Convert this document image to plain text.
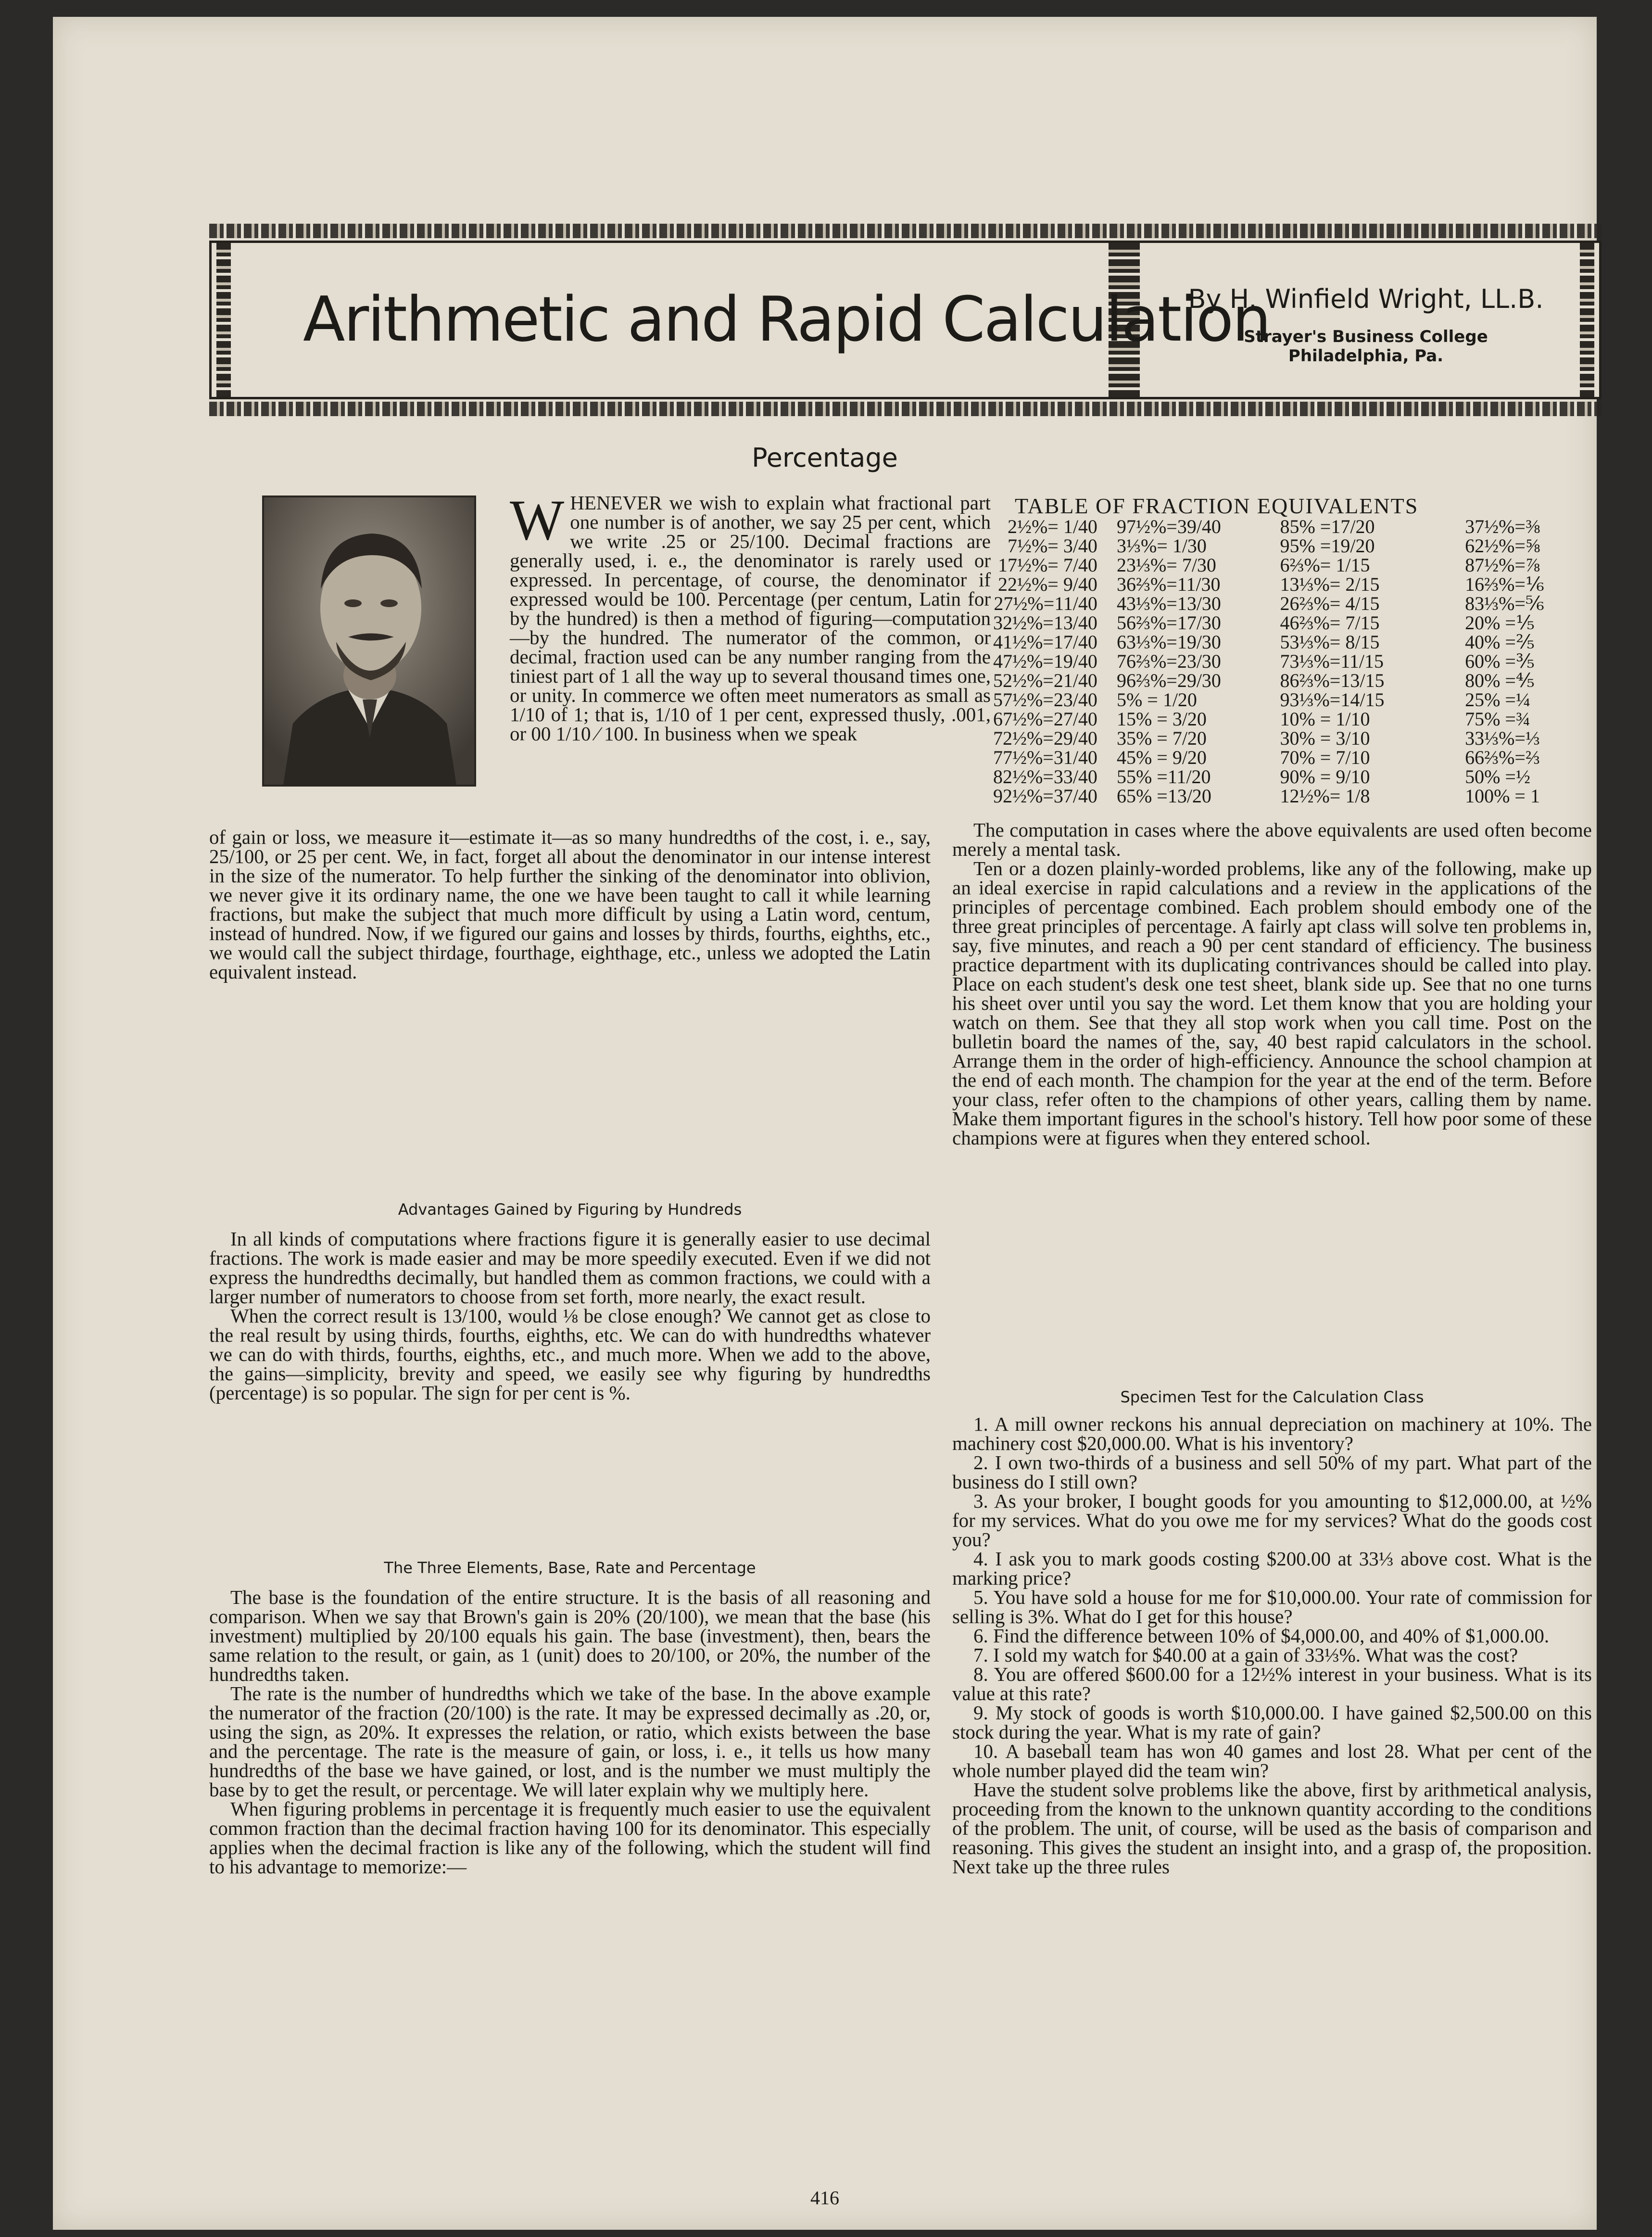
Arithmetic and Rapid Calculation
By H. Winfield Wright, LL.B.
Strayer's Business College
Philadelphia, Pa.
Percentage

WHENEVER we wish to explain what fractional part one number is of another, we say 25 per cent, which we write .25 or 25/100. Decimal fractions are generally used, i. e., the denominator is rarely used or expressed. In percentage, of course, the denominator if expressed would be 100. Percentage (per centum, Latin for by the hundred) is then a method of figuring—computation—by the hundred. The numerator of the common, or decimal, fraction used can be any number ranging from the tiniest part of 1 all the way up to several thousand times one, or unity. In commerce we often meet numerators as small as 1/10 of 1; that is, 1/10 of 1 per cent, expressed thusly, .001, or 00 1/10 ⁄ 100. In business when we speak

of gain or loss, we measure it—estimate it—as so many hundredths of the cost, i. e., say, 25/100, or 25 per cent. We, in fact, forget all about the denominator in our intense interest in the size of the numerator. To help further the sinking of the denominator into oblivion, we never give it its ordinary name, the one we have been taught to call it while learning fractions, but make the subject that much more difficult by using a Latin word, centum, instead of hundred. Now, if we figured our gains and losses by thirds, fourths, eighths, etc., we would call the subject thirdage, fourthage, eighthage, etc., unless we adopted the Latin equivalent instead.

Advantages Gained by Figuring by Hundreds

In all kinds of computations where fractions figure it is generally easier to use decimal fractions. The work is made easier and may be more speedily executed. Even if we did not express the hundredths decimally, but handled them as common fractions, we could with a larger number of numerators to choose from set forth, more nearly, the exact result.

When the correct result is 13/100, would ⅛ be close enough? We cannot get as close to the real result by using thirds, fourths, eighths, etc. We can do with hundredths whatever we can do with thirds, fourths, eighths, etc., and much more. When we add to the above, the gains—simplicity, brevity and speed, we easily see why figuring by hundredths (percentage) is so popular. The sign for per cent is %.

The Three Elements, Base, Rate and Percentage

The base is the foundation of the entire structure. It is the basis of all reasoning and comparison. When we say that Brown's gain is 20% (20/100), we mean that the base (his investment) multiplied by 20/100 equals his gain. The base (investment), then, bears the same relation to the result, or gain, as 1 (unit) does to 20/100, or 20%, the number of the hundredths taken.

The rate is the number of hundredths which we take of the base. In the above example the numerator of the fraction (20/100) is the rate. It may be expressed decimally as .20, or, using the sign, as 20%. It expresses the relation, or ratio, which exists between the base and the percentage. The rate is the measure of gain, or loss, i. e., it tells us how many hundredths of the base we have gained, or lost, and is the number we must multiply the base by to get the result, or percentage. We will later explain why we multiply here.

When figuring problems in percentage it is frequently much easier to use the equivalent common fraction than the decimal fraction having 100 for its denominator. This especially applies when the decimal fraction is like any of the following, which the student will find to his advantage to memorize:—

TABLE OF FRACTION EQUIVALENTS
2½%= 1/40	97½%=39/40	85% =17/20	37½%=⅜
7½%= 3/40	3⅓%= 1/30	95% =19/20	62½%=⅝
17½%= 7/40	23⅓%= 7/30	6⅔%= 1/15	87½%=⅞
22½%= 9/40	36⅔%=11/30	13⅓%= 2/15	16⅔%=⅙
27½%=11/40	43⅓%=13/30	26⅔%= 4/15	83⅓%=⅚
32½%=13/40	56⅔%=17/30	46⅔%= 7/15	20% =⅕
41½%=17/40	63⅓%=19/30	53⅓%= 8/15	40% =⅖
47½%=19/40	76⅔%=23/30	73⅓%=11/15	60% =⅗
52½%=21/40	96⅔%=29/30	86⅔%=13/15	80% =⅘
57½%=23/40	5% = 1/20	93⅓%=14/15	25% =¼
67½%=27/40	15% = 3/20	10% = 1/10	75% =¾
72½%=29/40	35% = 7/20	30% = 3/10	33⅓%=⅓
77½%=31/40	45% = 9/20	70% = 7/10	66⅔%=⅔
82½%=33/40	55% =11/20	90% = 9/10	50% =½
92½%=37/40	65% =13/20	12½%= 1/8	100% = 1

The computation in cases where the above equivalents are used often become merely a mental task.

Ten or a dozen plainly-worded problems, like any of the following, make up an ideal exercise in rapid calculations and a review in the applications of the principles of percentage combined. Each problem should embody one of the three great principles of percentage. A fairly apt class will solve ten problems in, say, five minutes, and reach a 90 per cent standard of efficiency. The business practice department with its duplicating contrivances should be called into play. Place on each student's desk one test sheet, blank side up. See that no one turns his sheet over until you say the word. Let them know that you are holding your watch on them. See that they all stop work when you call time. Post on the bulletin board the names of the, say, 40 best rapid calculators in the school. Arrange them in the order of high-efficiency. Announce the school champion at the end of each month. The champion for the year at the end of the term. Before your class, refer often to the champions of other years, calling them by name. Make them important figures in the school's history. Tell how poor some of these champions were at figures when they entered school.

Specimen Test for the Calculation Class

1. A mill owner reckons his annual depreciation on machinery at 10%. The machinery cost $20,000.00. What is his inventory?

2. I own two-thirds of a business and sell 50% of my part. What part of the business do I still own?

3. As your broker, I bought goods for you amounting to $12,000.00, at ½% for my services. What do you owe me for my services? What do the goods cost you?

4. I ask you to mark goods costing $200.00 at 33⅓ above cost. What is the marking price?

5. You have sold a house for me for $10,000.00. Your rate of commission for selling is 3%. What do I get for this house?

6. Find the difference between 10% of $4,000.00, and 40% of $1,000.00.

7. I sold my watch for $40.00 at a gain of 33⅓%. What was the cost?

8. You are offered $600.00 for a 12½% interest in your business. What is its value at this rate?

9. My stock of goods is worth $10,000.00. I have gained $2,500.00 on this stock during the year. What is my rate of gain?

10. A baseball team has won 40 games and lost 28. What per cent of the whole number played did the team win?

Have the student solve problems like the above, first by arithmetical analysis, proceeding from the known to the unknown quantity according to the conditions of the problem. The unit, of course, will be used as the basis of comparison and reasoning. This gives the student an insight into, and a grasp of, the proposition. Next take up the three rules

416
